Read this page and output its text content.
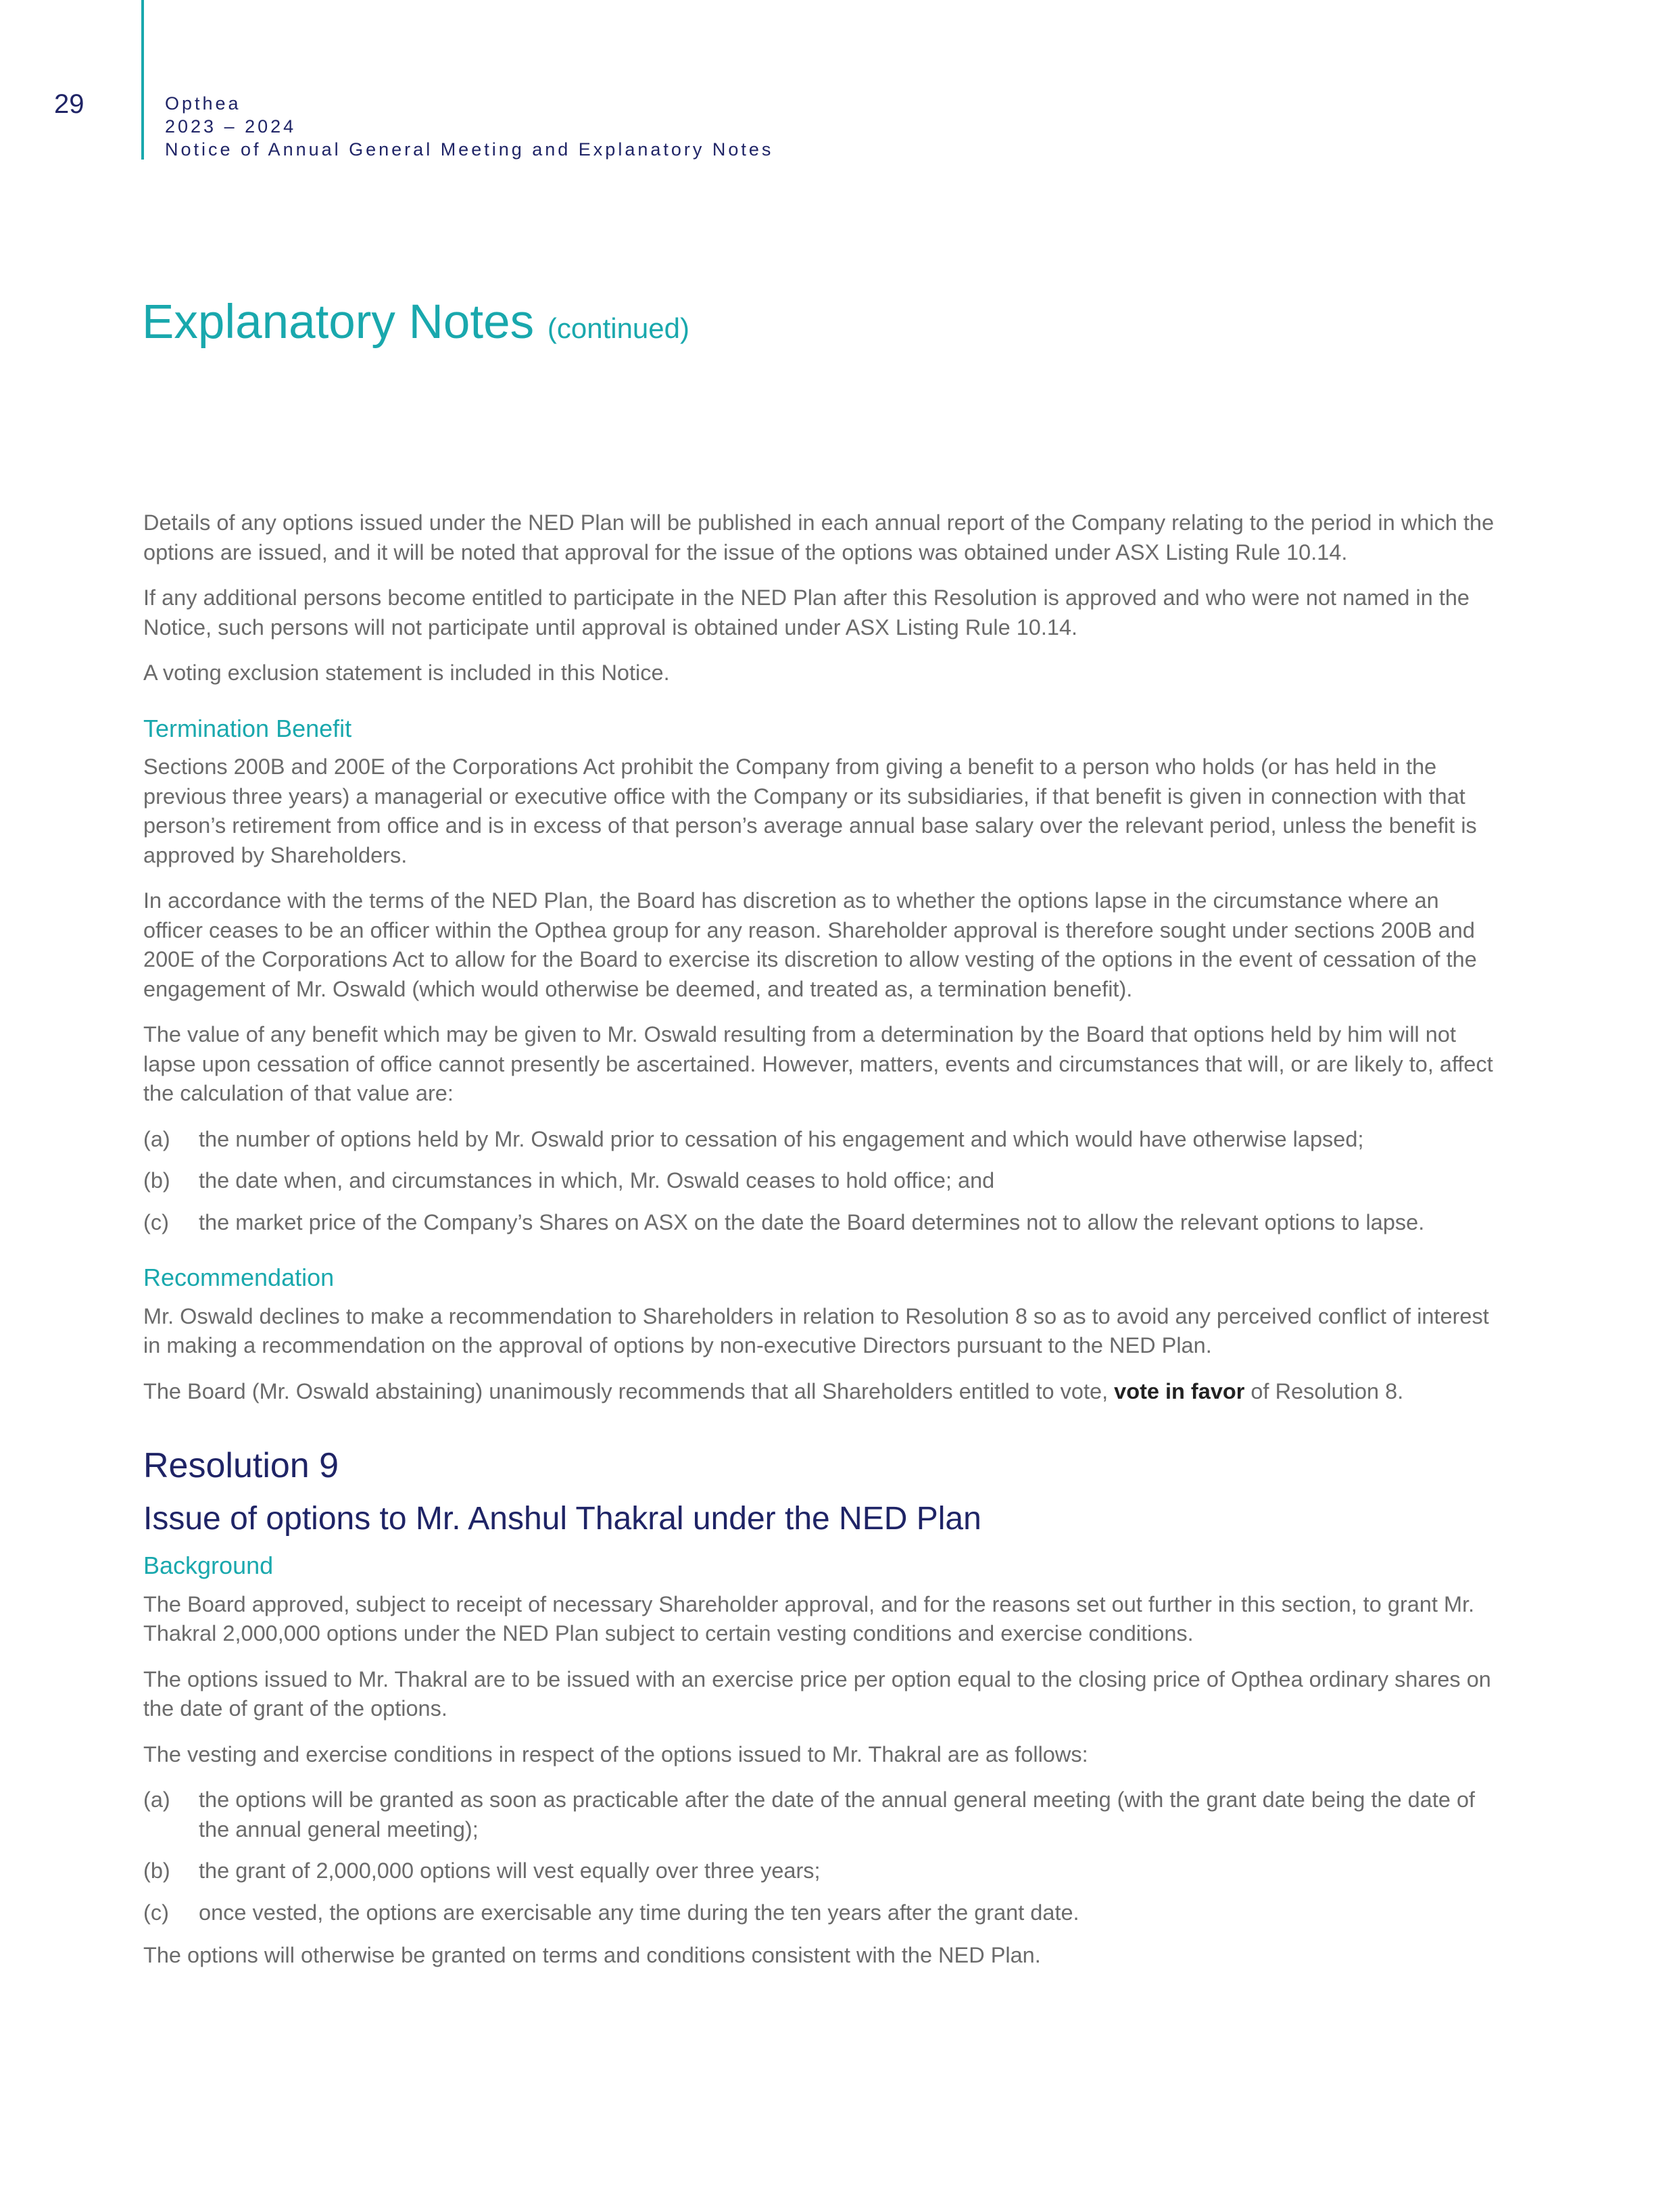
29	Opthea
2023 – 2024
Notice of Annual General Meeting and Explanatory Notes
Explanatory Notes (continued)

Details of any options issued under the NED Plan will be published in each annual report of the Company relating to the period in which the options are issued, and it will be noted that approval for the issue of the options was obtained under ASX Listing Rule 10.14.

If any additional persons become entitled to participate in the NED Plan after this Resolution is approved and who were not named in the Notice, such persons will not participate until approval is obtained under ASX Listing Rule 10.14.

A voting exclusion statement is included in this Notice.

Termination Benefit

Sections 200B and 200E of the Corporations Act prohibit the Company from giving a benefit to a person who holds (or has held in the previous three years) a managerial or executive office with the Company or its subsidiaries, if that benefit is given in connection with that person’s retirement from office and is in excess of that person’s average annual base salary over the relevant period, unless the benefit is approved by Shareholders.

In accordance with the terms of the NED Plan, the Board has discretion as to whether the options lapse in the circumstance where an officer ceases to be an officer within the Opthea group for any reason. Shareholder approval is therefore sought under sections 200B and 200E of the Corporations Act to allow for the Board to exercise its discretion to allow vesting of the options in the event of cessation of the engagement of Mr. Oswald (which would otherwise be deemed, and treated as, a termination benefit).

The value of any benefit which may be given to Mr. Oswald resulting from a determination by the Board that options held by him will not lapse upon cessation of office cannot presently be ascertained. However, matters, events and circumstances that will, or are likely to, affect the calculation of that value are:

(a)	the number of options held by Mr. Oswald prior to cessation of his engagement and which would have otherwise lapsed;
(b)	the date when, and circumstances in which, Mr. Oswald ceases to hold office; and
(c)	the market price of the Company’s Shares on ASX on the date the Board determines not to allow the relevant options to lapse.
Recommendation

Mr. Oswald declines to make a recommendation to Shareholders in relation to Resolution 8 so as to avoid any perceived conflict of interest in making a recommendation on the approval of options by non-executive Directors pursuant to the NED Plan.

The Board (Mr. Oswald abstaining) unanimously recommends that all Shareholders entitled to vote, vote in favor of Resolution 8.

Resolution 9
Issue of options to Mr. Anshul Thakral under the NED Plan
Background

The Board approved, subject to receipt of necessary Shareholder approval, and for the reasons set out further in this section, to grant Mr. Thakral 2,000,000 options under the NED Plan subject to certain vesting conditions and exercise conditions.

The options issued to Mr. Thakral are to be issued with an exercise price per option equal to the closing price of Opthea ordinary shares on the date of grant of the options.

The vesting and exercise conditions in respect of the options issued to Mr. Thakral are as follows:

(a)	the options will be granted as soon as practicable after the date of the annual general meeting (with the grant date being the date of the annual general meeting);
(b)	the grant of 2,000,000 options will vest equally over three years;
(c)	once vested, the options are exercisable any time during the ten years after the grant date.

The options will otherwise be granted on terms and conditions consistent with the NED Plan.
